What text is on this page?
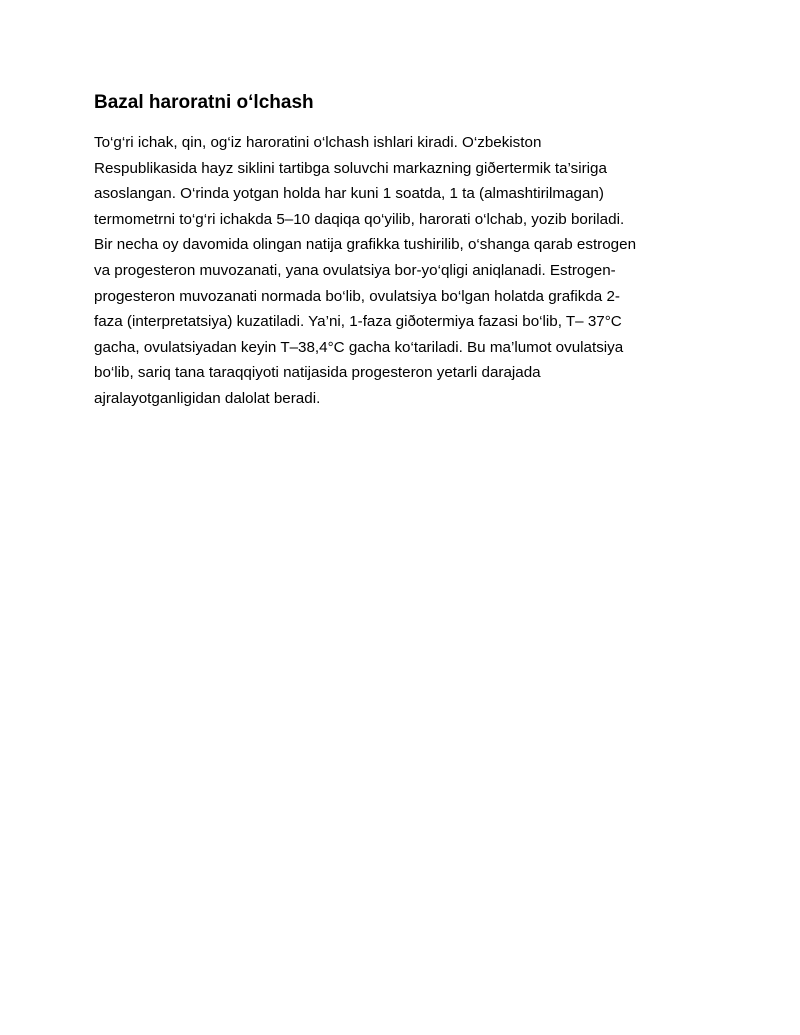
Bazal haroratni o‘lchash

To‘g‘ri ichak, qin, og‘iz haroratini o‘lchash ishlari kiradi. O‘zbekiston
Respublikasida hayz siklini tartibga soluvchi markazning giðertermik ta’siriga
asoslangan. O‘rinda yotgan holda har kuni 1 soatda, 1 ta (almashtirilmagan)
termometrni to‘g‘ri ichakda 5–10 daqiqa qo‘yilib, harorati o‘lchab, yozib boriladi.
Bir necha oy davomida olingan natija grafikka tushirilib, o‘shanga qarab estrogen
va progesteron muvozanati, yana ovulatsiya bor-yo‘qligi aniqlanadi. Estrogen-
progesteron muvozanati normada bo‘lib, ovulatsiya bo‘lgan holatda grafikda 2-
faza (interpretatsiya) kuzatiladi. Ya’ni, 1-faza giðotermiya fazasi bo‘lib, T– 37°C
gacha, ovulatsiyadan keyin T–38,4°C gacha ko‘tariladi. Bu ma’lumot ovulatsiya
bo‘lib, sariq tana taraqqiyoti natijasida progesteron yetarli darajada
ajralayotganligidan dalolat beradi.
